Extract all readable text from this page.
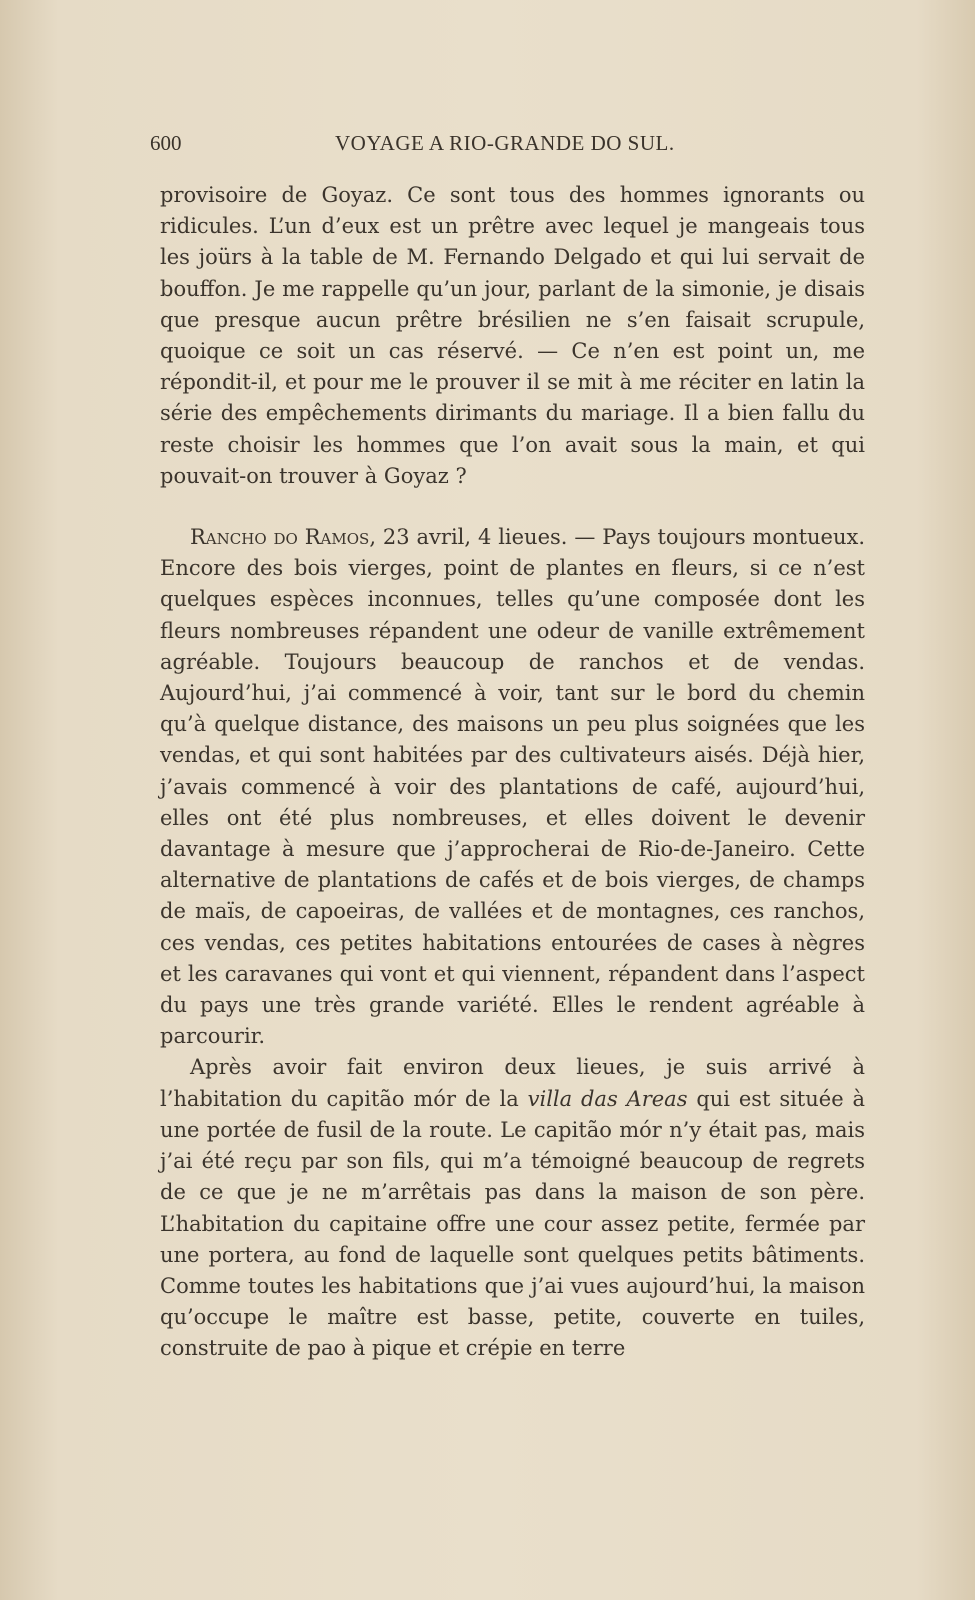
600	VOYAGE A RIO-GRANDE DO SUL.

provisoire de Goyaz. Ce sont tous des hommes ignorants ou ridicules. L’un d’eux est un prêtre avec lequel je mangeais tous les joürs à la table de M. Fernando Delgado et qui lui servait de bouffon. Je me rappelle qu’un jour, parlant de la simonie, je disais que presque aucun prêtre brésilien ne s’en faisait scrupule, quoique ce soit un cas réservé. — Ce n’en est point un, me répondit-il, et pour me le prouver il se mit à me réciter en latin la série des empêchements dirimants du mariage. Il a bien fallu du reste choisir les hommes que l’on avait sous la main, et qui pouvait-on trouver à Goyaz ?

Rancho do Ramos, 23 avril, 4 lieues. — Pays toujours montueux. Encore des bois vierges, point de plantes en fleurs, si ce n’est quelques espèces inconnues, telles qu’une composée dont les fleurs nombreuses répandent une odeur de vanille extrêmement agréable. Toujours beaucoup de ranchos et de vendas. Aujourd’hui, j’ai commencé à voir, tant sur le bord du chemin qu’à quelque distance, des maisons un peu plus soignées que les vendas, et qui sont habitées par des cultivateurs aisés. Déjà hier, j’avais commencé à voir des plantations de café, aujourd’hui, elles ont été plus nombreuses, et elles doivent le devenir davantage à mesure que j’approcherai de Rio-de-Janeiro. Cette alternative de plantations de cafés et de bois vierges, de champs de maïs, de capoeiras, de vallées et de montagnes, ces ranchos, ces vendas, ces petites habitations entourées de cases à nègres et les caravanes qui vont et qui viennent, répandent dans l’aspect du pays une très grande variété. Elles le rendent agréable à parcourir.

Après avoir fait environ deux lieues, je suis arrivé à l’habitation du capitão mór de la villa das Areas qui est située à une portée de fusil de la route. Le capitão mór n’y était pas, mais j’ai été reçu par son fils, qui m’a témoigné beaucoup de regrets de ce que je ne m’arrêtais pas dans la maison de son père. L’habitation du capitaine offre une cour assez petite, fermée par une portera, au fond de laquelle sont quelques petits bâtiments. Comme toutes les habitations que j’ai vues aujourd’hui, la maison qu’occupe le maître est basse, petite, couverte en tuiles, construite de pao à pique et crépie en terre
